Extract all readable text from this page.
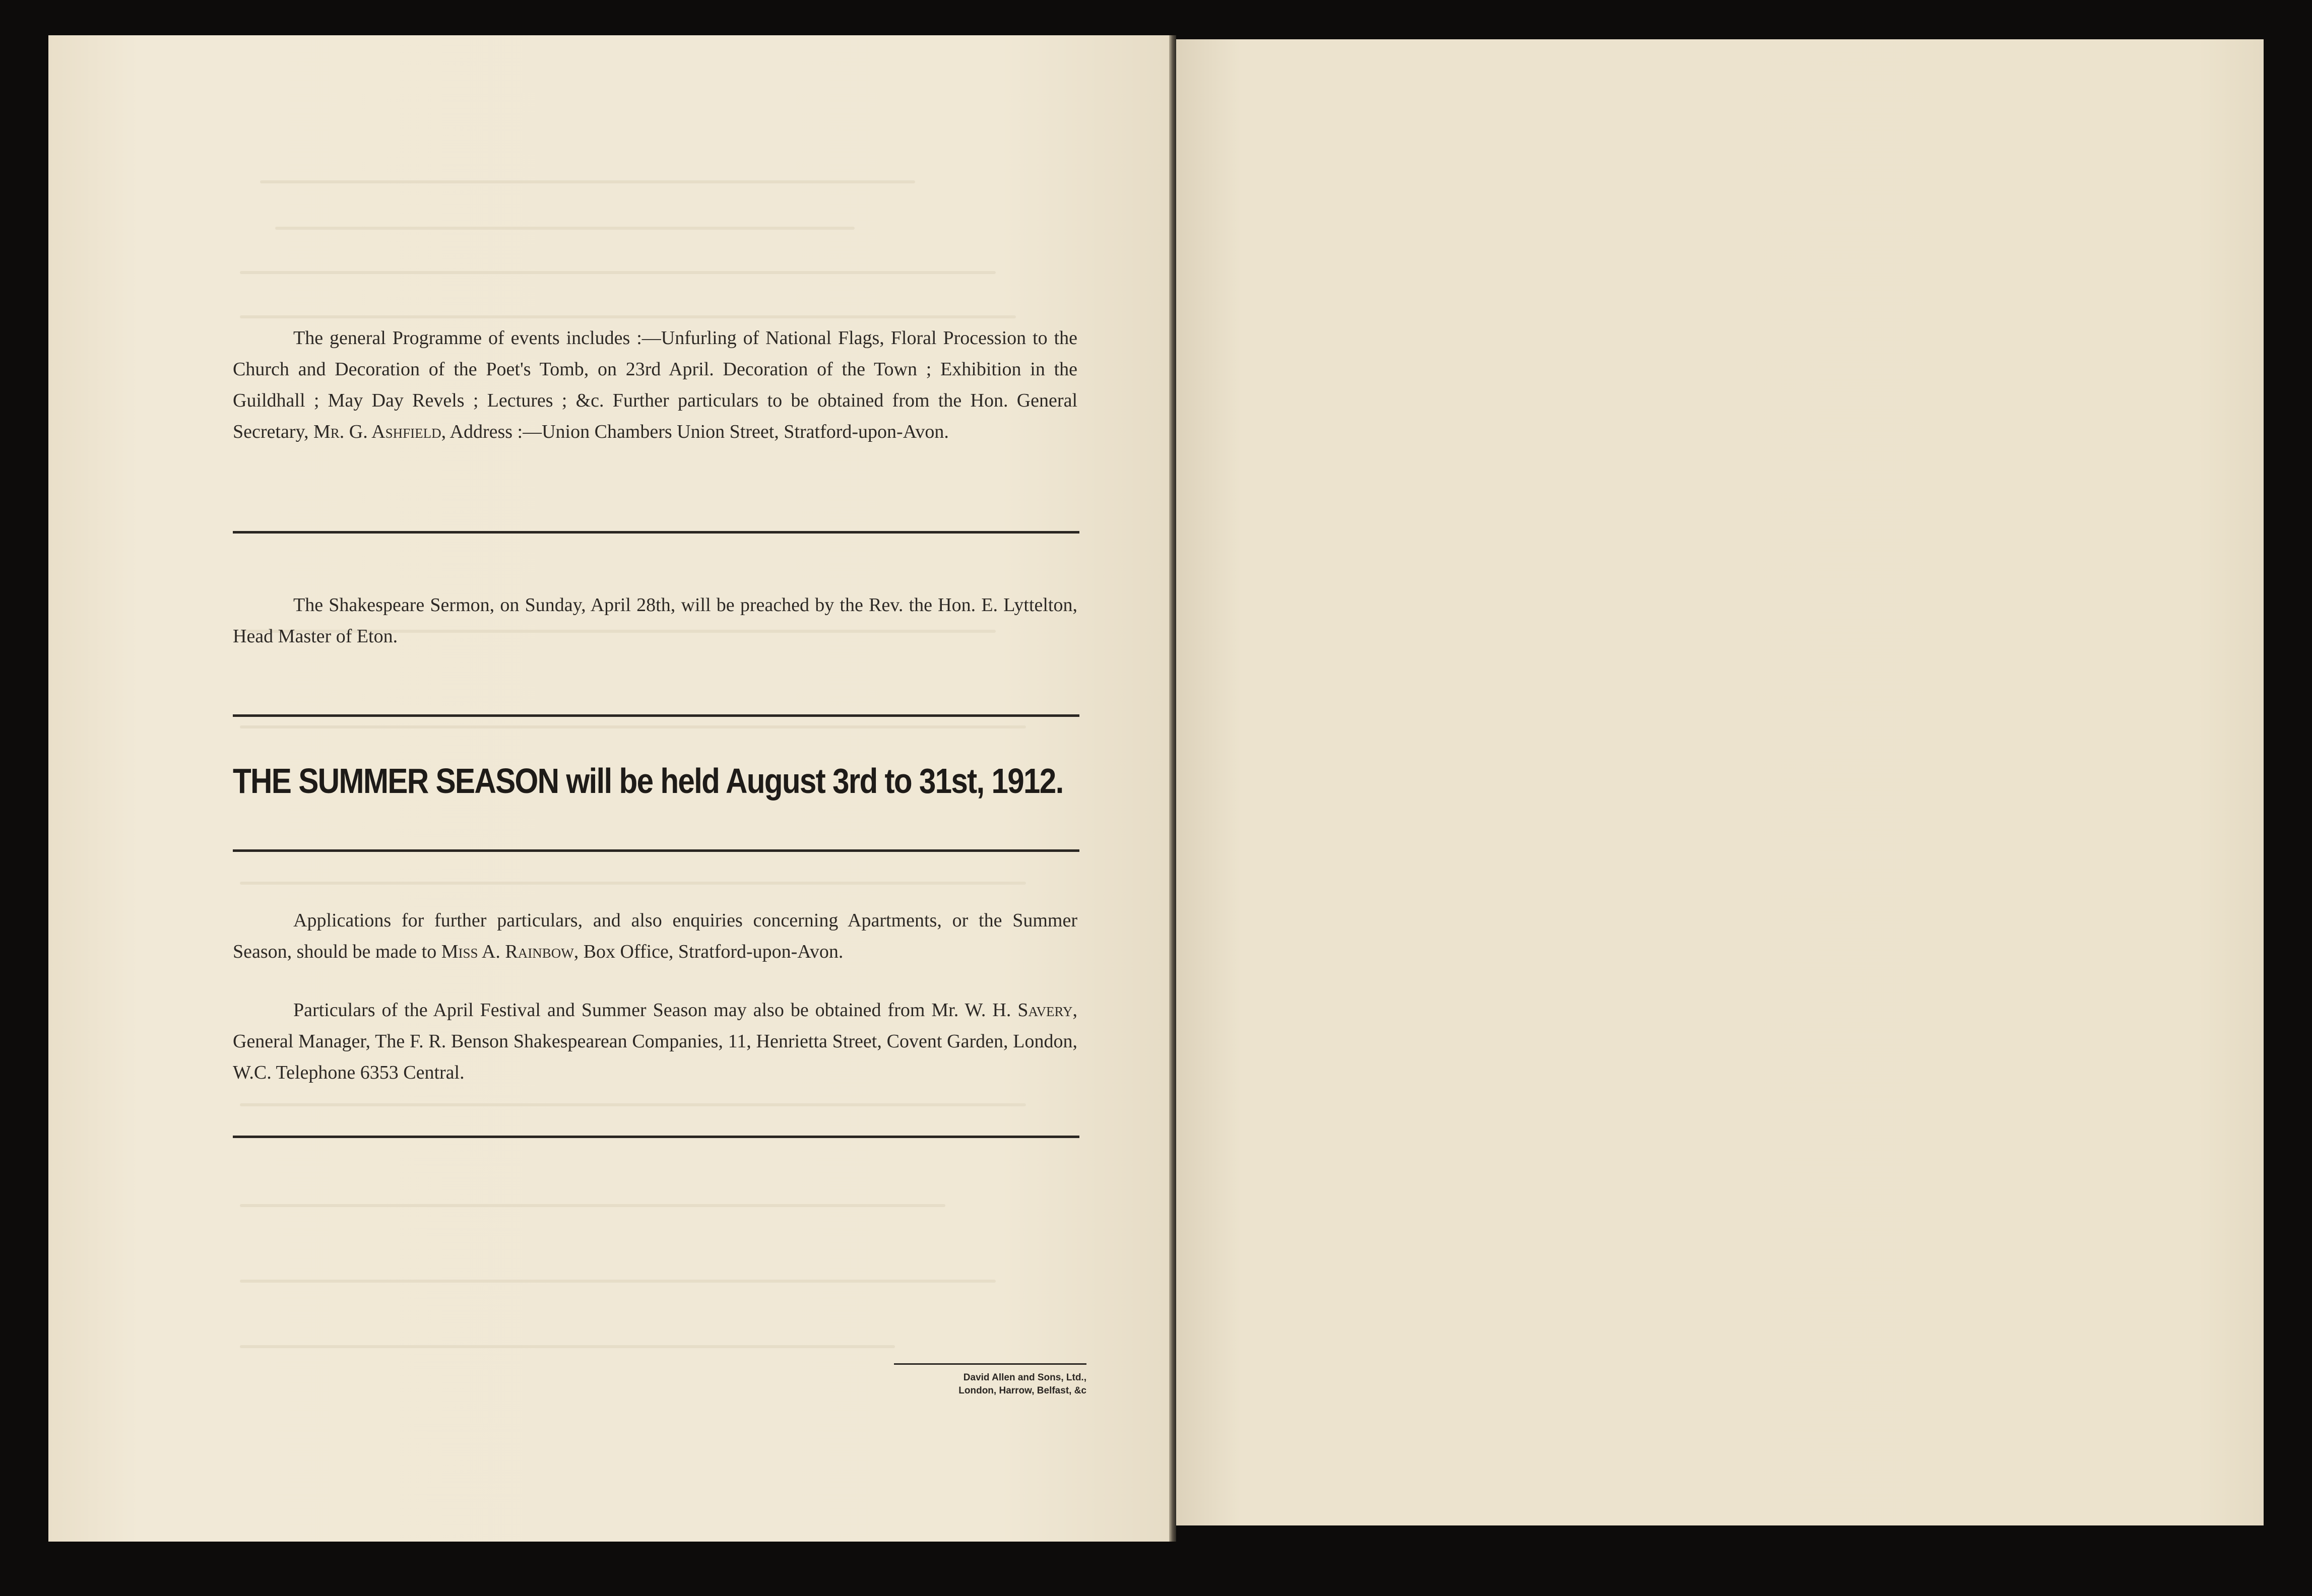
The general Programme of events includes :—Unfurling of National Flags, Floral Procession to the Church and Decoration of the Poet's Tomb, on 23rd April. Decoration of the Town ; Exhibition in the Guildhall ; May Day Revels ; Lectures ; &c. Further particulars to be obtained from the Hon. General Secretary, Mr. G. Ashfield, Address :—Union Chambers Union Street, Stratford-upon-Avon.

The Shakespeare Sermon, on Sunday, April 28th, will be preached by the Rev. the Hon. E. Lyttelton, Head Master of Eton.

THE SUMMER SEASON will be held August 3rd to 31st, 1912.

Applications for further particulars, and also enquiries concerning Apartments, or the Summer Season, should be made to Miss A. Rainbow, Box Office, Stratford-upon-Avon.

Particulars of the April Festival and Summer Season may also be obtained from Mr. W. H. Savery, General Manager, The F. R. Benson Shakespearean Companies, 11, Henrietta Street, Covent Garden, London, W.C. Telephone 6353 Central.

David Allen and Sons, Ltd.,
London, Harrow, Belfast, &c
